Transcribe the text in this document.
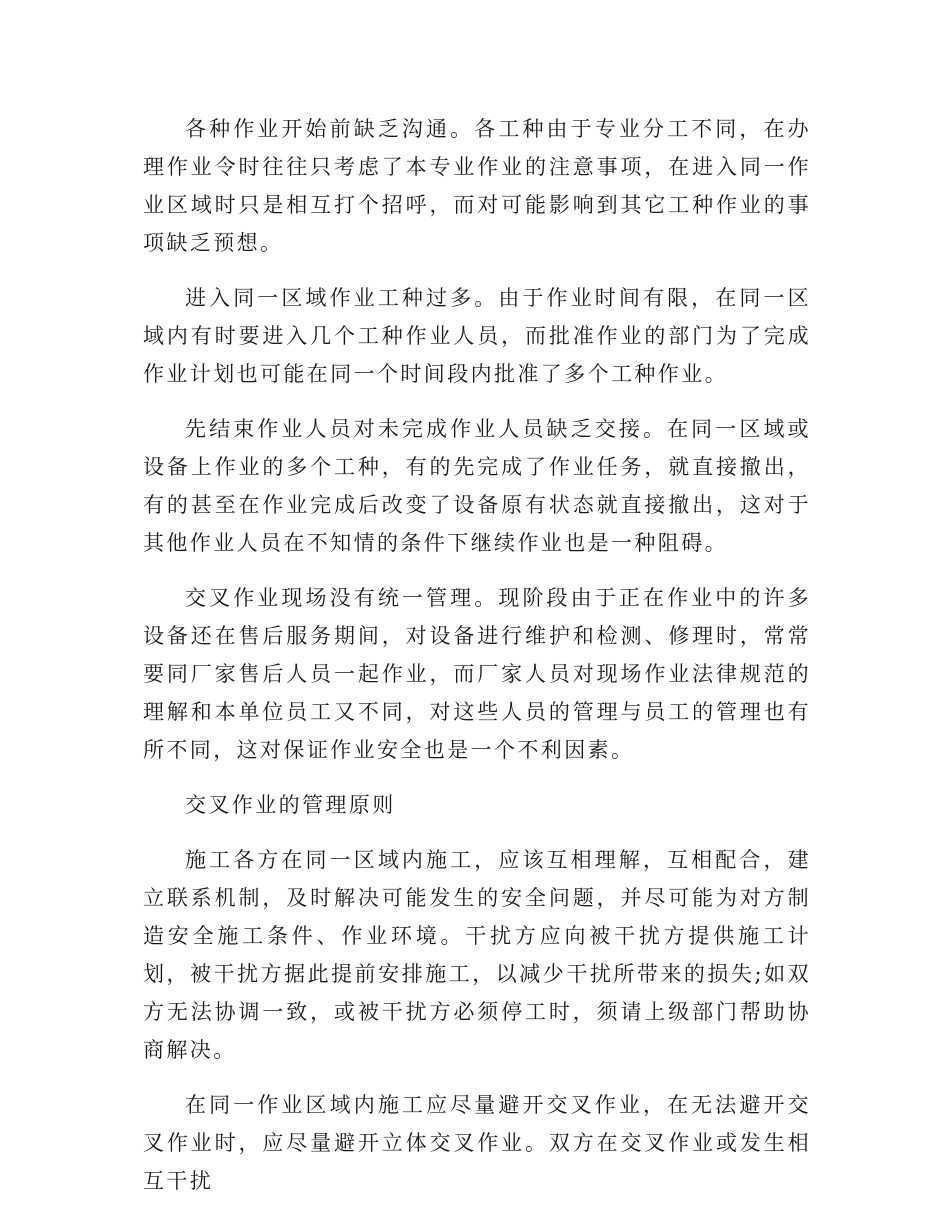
各种作业开始前缺乏沟通。各工种由于专业分工不同，在办理作业令时往往只考虑了本专业作业的注意事项，在进入同一作业区域时只是相互打个招呼，而对可能影响到其它工种作业的事项缺乏预想。

进入同一区域作业工种过多。由于作业时间有限，在同一区域内有时要进入几个工种作业人员，而批准作业的部门为了完成作业计划也可能在同一个时间段内批准了多个工种作业。

先结束作业人员对未完成作业人员缺乏交接。在同一区域或设备上作业的多个工种，有的先完成了作业任务，就直接撤出，有的甚至在作业完成后改变了设备原有状态就直接撤出，这对于其他作业人员在不知情的条件下继续作业也是一种阻碍。

交叉作业现场没有统一管理。现阶段由于正在作业中的许多设备还在售后服务期间，对设备进行维护和检测、修理时，常常要同厂家售后人员一起作业，而厂家人员对现场作业法律规范的理解和本单位员工又不同，对这些人员的管理与员工的管理也有所不同，这对保证作业安全也是一个不利因素。

交叉作业的管理原则

施工各方在同一区域内施工，应该互相理解，互相配合，建立联系机制，及时解决可能发生的安全问题，并尽可能为对方制造安全施工条件、作业环境。干扰方应向被干扰方提供施工计划，被干扰方据此提前安排施工，以减少干扰所带来的损失;如双方无法协调一致，或被干扰方必须停工时，须请上级部门帮助协商解决。

在同一作业区域内施工应尽量避开交叉作业，在无法避开交叉作业时，应尽量避开立体交叉作业。双方在交叉作业或发生相互干扰
